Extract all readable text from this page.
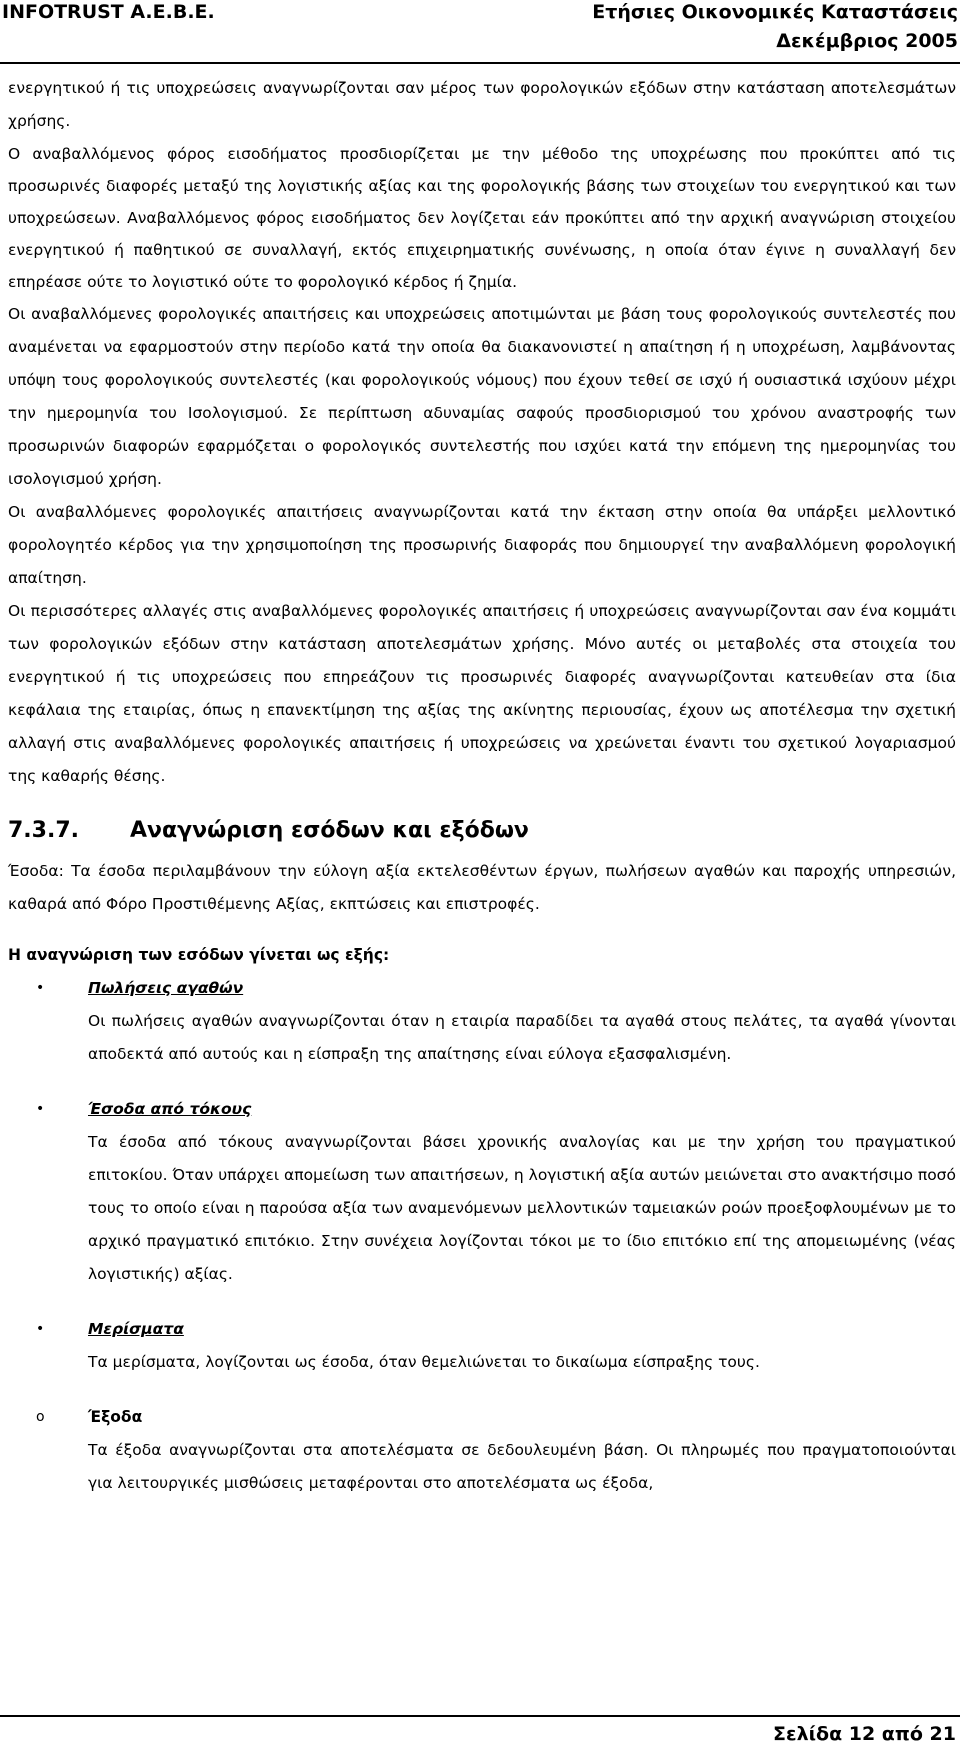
INFOTRUST A.E.B.E.	Ετήσιες Οικονομικές Καταστάσεις
Δεκέμβριος 2005

ενεργητικού ή τις υποχρεώσεις αναγνωρίζονται σαν μέρος των φορολογικών εξόδων στην κατάσταση αποτελεσμάτων χρήσης.

Ο αναβαλλόμενος φόρος εισοδήματος προσδιορίζεται με την μέθοδο της υποχρέωσης που προκύπτει από τις προσωρινές διαφορές μεταξύ της λογιστικής αξίας και της φορολογικής βάσης των στοιχείων του ενεργητικού και των υποχρεώσεων. Αναβαλλόμενος φόρος εισοδήματος δεν λογίζεται εάν προκύπτει από την αρχική αναγνώριση στοιχείου ενεργητικού ή παθητικού σε συναλλαγή, εκτός επιχειρηματικής συνένωσης, η οποία όταν έγινε η συναλλαγή δεν επηρέασε ούτε το λογιστικό ούτε το φορολογικό κέρδος ή ζημία.

Οι αναβαλλόμενες φορολογικές απαιτήσεις και υποχρεώσεις αποτιμώνται με βάση τους φορολογικούς συντελεστές που αναμένεται να εφαρμοστούν στην περίοδο κατά την οποία θα διακανονιστεί η απαίτηση ή η υποχρέωση, λαμβάνοντας υπόψη τους φορολογικούς συντελεστές (και φορολογικούς νόμους) που έχουν τεθεί σε ισχύ ή ουσιαστικά ισχύουν μέχρι την ημερομηνία του Ισολογισμού. Σε περίπτωση αδυναμίας σαφούς προσδιορισμού του χρόνου αναστροφής των προσωρινών διαφορών εφαρμόζεται ο φορολογικός συντελεστής που ισχύει κατά την επόμενη της ημερομηνίας του ισολογισμού χρήση.

Οι αναβαλλόμενες φορολογικές απαιτήσεις αναγνωρίζονται κατά την έκταση στην οποία θα υπάρξει μελλοντικό φορολογητέο κέρδος για την χρησιμοποίηση της προσωρινής διαφοράς που δημιουργεί την αναβαλλόμενη φορολογική απαίτηση.

Οι περισσότερες αλλαγές στις αναβαλλόμενες φορολογικές απαιτήσεις ή υποχρεώσεις αναγνωρίζονται σαν ένα κομμάτι των φορολογικών εξόδων στην κατάσταση αποτελεσμάτων χρήσης. Μόνο αυτές οι μεταβολές στα στοιχεία του ενεργητικού ή τις υποχρεώσεις που επηρεάζουν τις προσωρινές διαφορές αναγνωρίζονται κατευθείαν στα ίδια κεφάλαια της εταιρίας, όπως η επανεκτίμηση της αξίας της ακίνητης περιουσίας, έχουν ως αποτέλεσμα την σχετική αλλαγή στις αναβαλλόμενες φορολογικές απαιτήσεις ή υποχρεώσεις να χρεώνεται έναντι του σχετικού λογαριασμού της καθαρής θέσης.

7.3.7. Αναγνώριση εσόδων και εξόδων

Έσοδα: Τα έσοδα περιλαμβάνουν την εύλογη αξία εκτελεσθέντων έργων, πωλήσεων αγαθών και παροχής υπηρεσιών, καθαρά από Φόρο Προστιθέμενης Αξίας, εκπτώσεις και επιστροφές.

Η αναγνώριση των εσόδων γίνεται ως εξής:
•	Πωλήσεις αγαθών

Οι πωλήσεις αγαθών αναγνωρίζονται όταν η εταιρία παραδίδει τα αγαθά στους πελάτες, τα αγαθά γίνονται αποδεκτά από αυτούς και η είσπραξη της απαίτησης είναι εύλογα εξασφαλισμένη.

•	Έσοδα από τόκους

Τα έσοδα από τόκους αναγνωρίζονται βάσει χρονικής αναλογίας και με την χρήση του πραγματικού επιτοκίου. Όταν υπάρχει απομείωση των απαιτήσεων, η λογιστική αξία αυτών μειώνεται στο ανακτήσιμο ποσό τους το οποίο είναι η παρούσα αξία των αναμενόμενων μελλοντικών ταμειακών ροών προεξοφλουμένων με το αρχικό πραγματικό επιτόκιο. Στην συνέχεια λογίζονται τόκοι με το ίδιο επιτόκιο επί της απομειωμένης (νέας λογιστικής) αξίας.

•	Μερίσματα

Τα μερίσματα, λογίζονται ως έσοδα, όταν θεμελιώνεται το δικαίωμα είσπραξης τους.

o	Έξοδα

Τα έξοδα αναγνωρίζονται στα αποτελέσματα σε δεδουλευμένη βάση. Οι πληρωμές που πραγματοποιούνται για λειτουργικές μισθώσεις μεταφέρονται στο αποτελέσματα ως έξοδα,

Σελίδα 12 από 21
